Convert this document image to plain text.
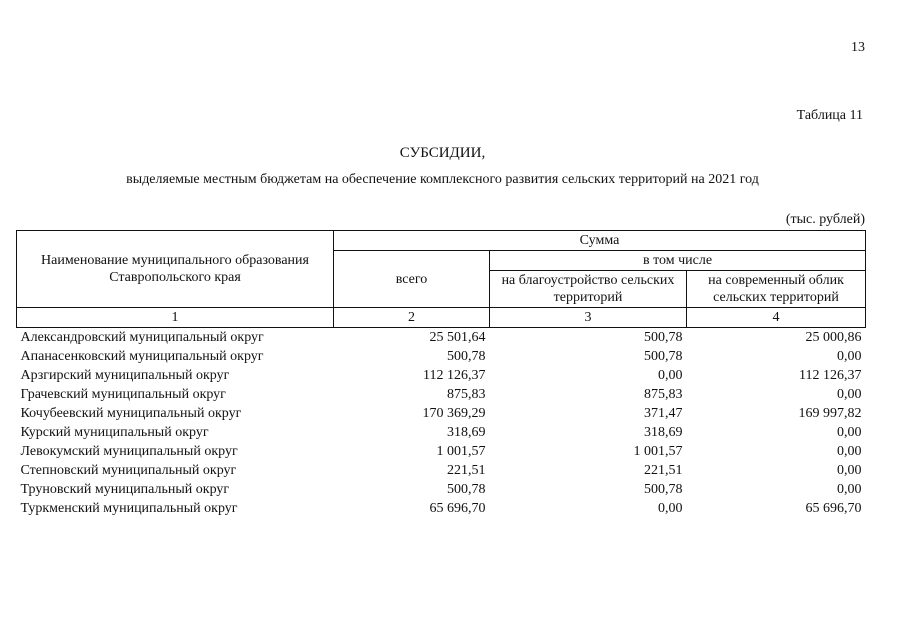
13
Таблица 11
СУБСИДИИ,
выделяемые местным бюджетам на обеспечение комплексного развития сельских территорий на 2021 год
(тыс. рублей)
Наименование муниципального образования Ставропольского края	Сумма		
	всего	в том числе	
		на благоустройство сельских территорий	на современный облик сельских территорий
1	2	3	4
Александровский муниципальный округ	25 501,64	500,78	25 000,86
Апанасенковский муниципальный округ	500,78	500,78	0,00
Арзгирский муниципальный округ	112 126,37	0,00	112 126,37
Грачевский муниципальный округ	875,83	875,83	0,00
Кочубеевский муниципальный округ	170 369,29	371,47	169 997,82
Курский муниципальный округ	318,69	318,69	0,00
Левокумский муниципальный округ	1 001,57	1 001,57	0,00
Степновский муниципальный округ	221,51	221,51	0,00
Труновский муниципальный округ	500,78	500,78	0,00
Туркменский муниципальный округ	65 696,70	0,00	65 696,70
